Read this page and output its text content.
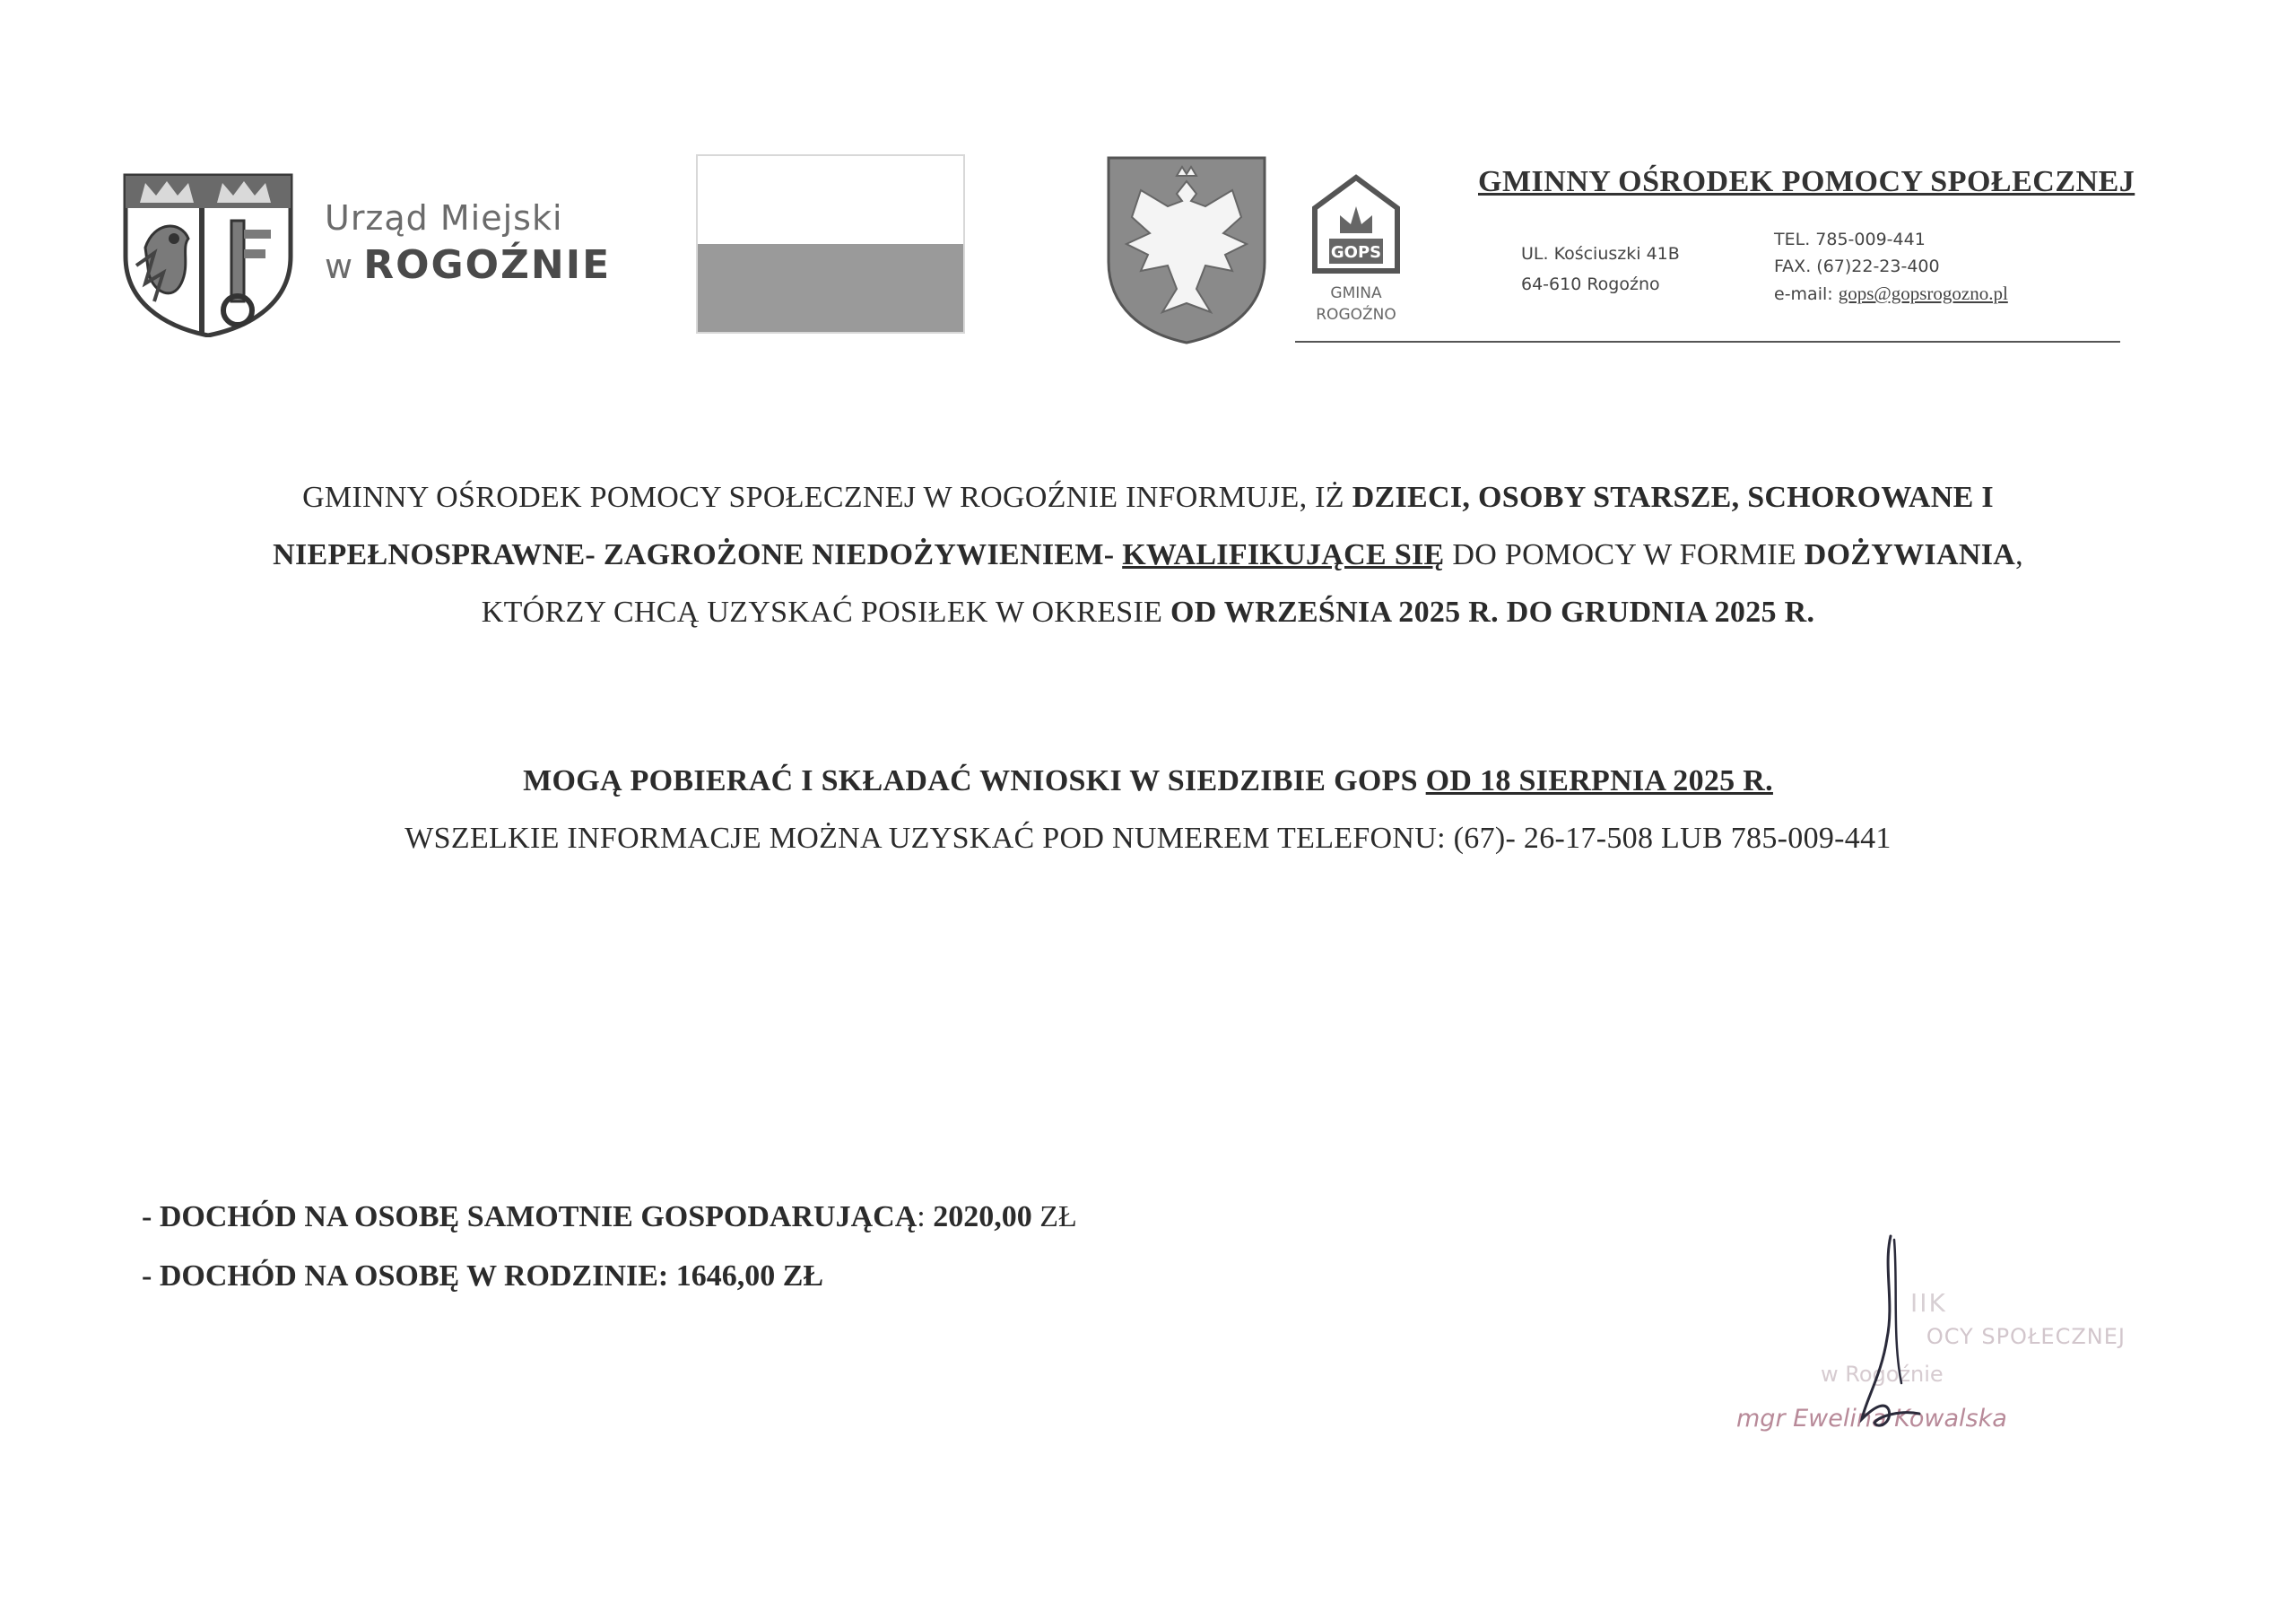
Urząd Miejski
w ROGOŹNIE	GOPS
GMINA
ROGOŹNO
GMINNY OŚRODEK POMOCY SPOŁECZNEJ
UL. Kościuszki 41B
64-610 Rogoźno
TEL. 785-009-441
FAX. (67)22-23-400
e-mail: gops@gopsrogozno.pl
GMINNY OŚRODEK POMOCY SPOŁECZNEJ W ROGOŹNIE INFORMUJE, IŻ DZIECI, OSOBY STARSZE, SCHOROWANE I
NIEPEŁNOSPRAWNE- ZAGROŻONE NIEDOŻYWIENIEM- KWALIFIKUJĄCE SIĘ DO POMOCY W FORMIE DOŻYWIANIA,
KTÓRZY CHCĄ UZYSKAĆ POSIŁEK W OKRESIE OD WRZEŚNIA 2025 R. DO GRUDNIA 2025 R.
MOGĄ POBIERAĆ I SKŁADAĆ WNIOSKI W SIEDZIBIE GOPS OD 18 SIERPNIA 2025 R.
WSZELKIE INFORMACJE MOŻNA UZYSKAĆ POD NUMEREM TELEFONU: (67)- 26-17-508 LUB 785-009-441
- DOCHÓD NA OSOBĘ SAMOTNIE GOSPODARUJĄCĄ: 2020,00 ZŁ
- DOCHÓD NA OSOBĘ W RODZINIE: 1646,00 ZŁ
IIK
OCY SPOŁECZNEJ
w Rogoźnie
mgr Ewelina Kowalska
